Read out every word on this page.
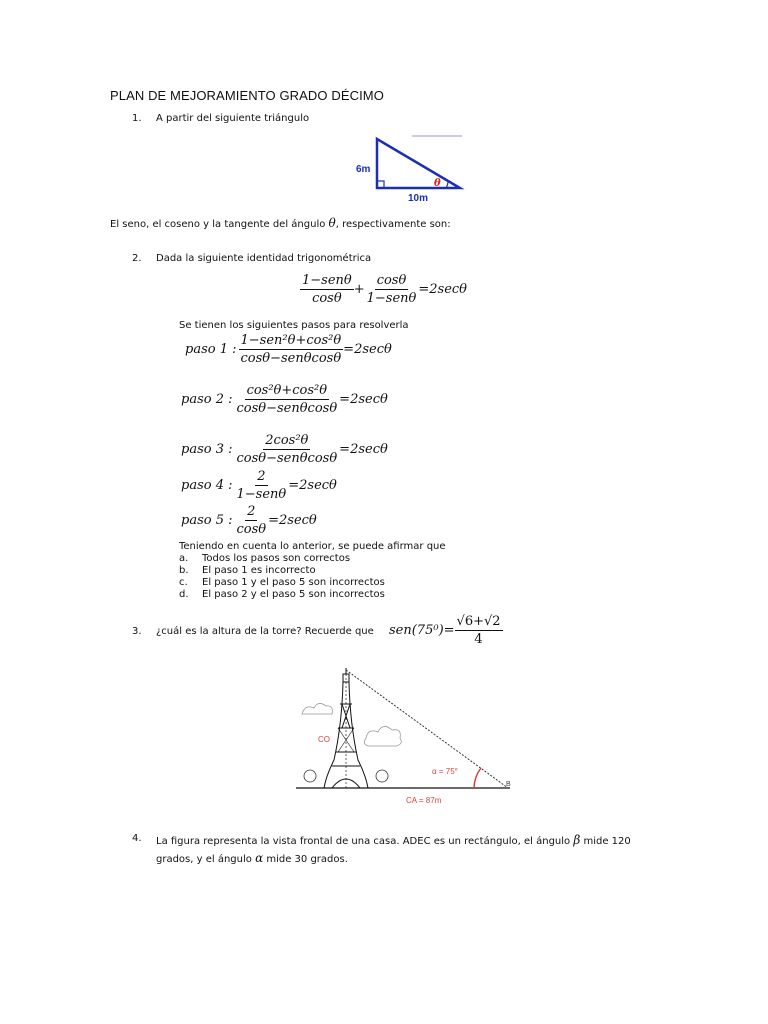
PLAN DE MEJORAMIENTO GRADO DÉCIMO
1. A partir del siguiente triángulo
6m
10m
θ
El seno, el coseno y la tangente del ángulo θ, respectivamente son:
2. Dada la siguiente identidad trigonométrica
$\frac{\text{1−senθ}}{\cos\theta} + \frac{\cos\theta}{\text{1−senθ}} =2\sec\theta$
Se tienen los siguientes pasos para resolverla
paso 1 : $\frac{\text{1−sen²θ+cos²θ}}{\text{cosθ−senθcosθ}} =2\sec\theta$
paso 2 : $\frac{\text{cos²θ+cos²θ}}{\text{cosθ−senθcosθ}} =2\sec\theta$
paso 3 : $\frac{\text{2cos²θ}}{\text{cosθ−senθcosθ}} =2\sec\theta$
paso 4 : $\frac{2}{\text{1−senθ}} =2\sec\theta$
paso 5 : $\frac{2}{\cos\theta} =2\sec\theta$
Teniendo en cuenta lo anterior, se puede afirmar que
a. Todos los pasos son correctos
b. El paso 1 es incorrecto
c. El paso 1 y el paso 5 son incorrectos
d. El paso 2 y el paso 5 son incorrectos
3. ¿cuál es la altura de la torre? Recuerde que $sen(75^0)= \frac{√6+√2}{4}$
CO
α = 75°
CA = 87m
B
4. La figura representa la vista frontal de una casa. ADEC es un rectángulo, el ángulo β mide 120
grados, y el ángulo α mide 30 grados.
